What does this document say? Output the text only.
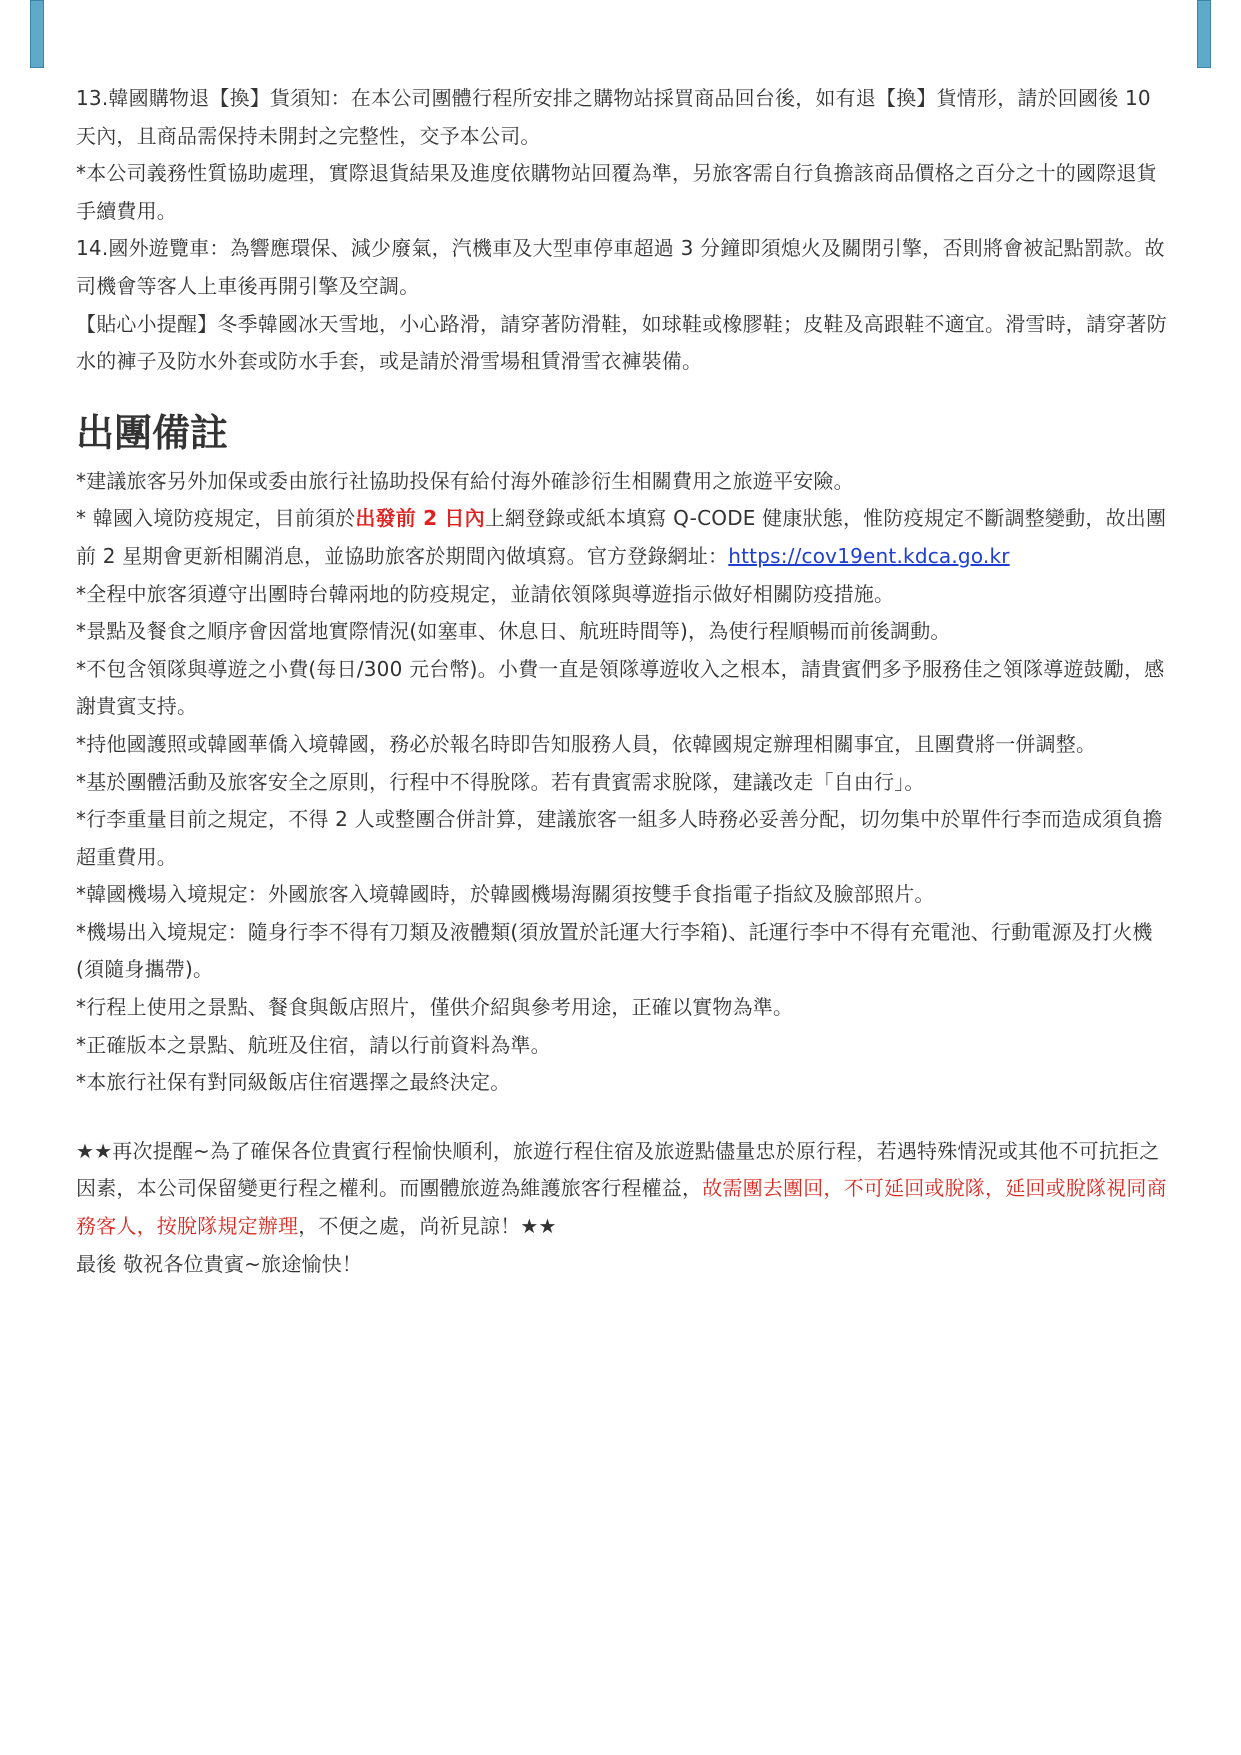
13.韓國購物退【換】貨須知：在本公司團體行程所安排之購物站採買商品回台後，如有退【換】貨情形，請於回國後 10 天內，且商品需保持未開封之完整性，交予本公司。

*本公司義務性質協助處理，實際退貨結果及進度依購物站回覆為準，另旅客需自行負擔該商品價格之百分之十的國際退貨手續費用。

14.國外遊覽車：為響應環保、減少廢氣，汽機車及大型車停車超過 3 分鐘即須熄火及關閉引擎，否則將會被記點罰款。故司機會等客人上車後再開引擎及空調。

【貼心小提醒】冬季韓國冰天雪地，小心路滑，請穿著防滑鞋，如球鞋或橡膠鞋；皮鞋及高跟鞋不適宜。滑雪時，請穿著防水的褲子及防水外套或防水手套，或是請於滑雪場租賃滑雪衣褲裝備。

出團備註

*建議旅客另外加保或委由旅行社協助投保有給付海外確診衍生相關費用之旅遊平安險。

* 韓國入境防疫規定，目前須於出發前 2 日內上網登錄或紙本填寫 Q-CODE 健康狀態，惟防疫規定不斷調整變動，故出團前 2 星期會更新相關消息，並協助旅客於期間內做填寫。官方登錄網址：https://cov19ent.kdca.go.kr

*全程中旅客須遵守出團時台韓兩地的防疫規定，並請依領隊與導遊指示做好相關防疫措施。

*景點及餐食之順序會因當地實際情況(如塞車、休息日、航班時間等)，為使行程順暢而前後調動。

*不包含領隊與導遊之小費(每日/300 元台幣)。小費一直是領隊導遊收入之根本，請貴賓們多予服務佳之領隊導遊鼓勵，感謝貴賓支持。

*持他國護照或韓國華僑入境韓國，務必於報名時即告知服務人員，依韓國規定辦理相關事宜，且團費將一併調整。

*基於團體活動及旅客安全之原則，行程中不得脫隊。若有貴賓需求脫隊，建議改走「自由行」。

*行李重量目前之規定，不得 2 人或整團合併計算，建議旅客一組多人時務必妥善分配，切勿集中於單件行李而造成須負擔超重費用。

*韓國機場入境規定：外國旅客入境韓國時，於韓國機場海關須按雙手食指電子指紋及臉部照片。

*機場出入境規定：隨身行李不得有刀類及液體類(須放置於託運大行李箱)、託運行李中不得有充電池、行動電源及打火機(須隨身攜帶)。

*行程上使用之景點、餐食與飯店照片，僅供介紹與參考用途，正確以實物為準。

*正確版本之景點、航班及住宿，請以行前資料為準。

*本旅行社保有對同級飯店住宿選擇之最終決定。

★★再次提醒~為了確保各位貴賓行程愉快順利，旅遊行程住宿及旅遊點儘量忠於原行程，若遇特殊情況或其他不可抗拒之因素，本公司保留變更行程之權利。而團體旅遊為維護旅客行程權益，故需團去團回，不可延回或脫隊，延回或脫隊視同商務客人，按脫隊規定辦理，不便之處，尚祈見諒！★★

最後 敬祝各位貴賓~旅途愉快！
